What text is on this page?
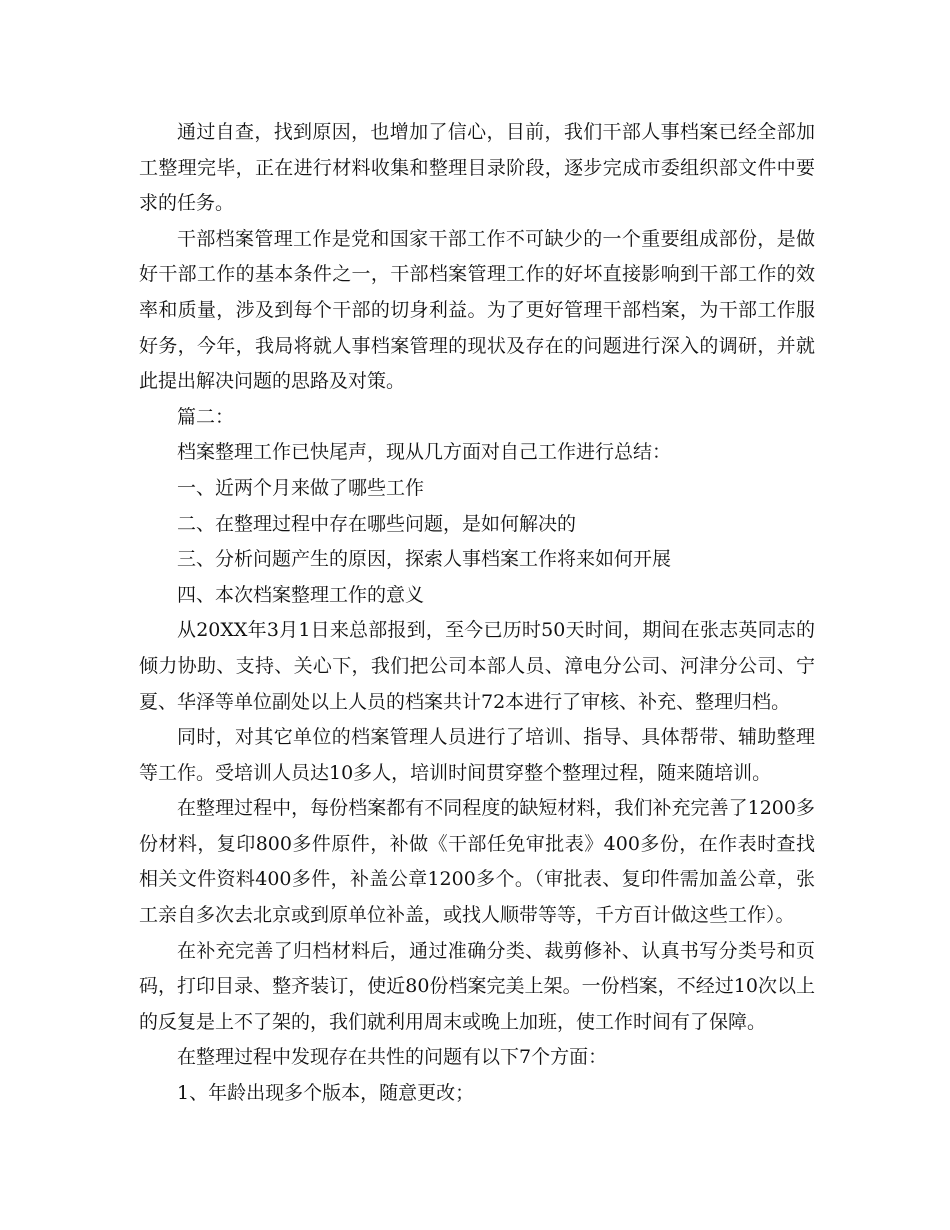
通过自查，找到原因，也增加了信心，目前，我们干部人事档案已经全部加工整理完毕，正在进行材料收集和整理目录阶段，逐步完成市委组织部文件中要求的任务。

干部档案管理工作是党和国家干部工作不可缺少的一个重要组成部份，是做好干部工作的基本条件之一，干部档案管理工作的好坏直接影响到干部工作的效率和质量，涉及到每个干部的切身利益。为了更好管理干部档案，为干部工作服好务，今年，我局将就人事档案管理的现状及存在的问题进行深入的调研，并就此提出解决问题的思路及对策。

篇二：

档案整理工作已快尾声，现从几方面对自己工作进行总结：

一、近两个月来做了哪些工作

二、在整理过程中存在哪些问题，是如何解决的

三、分析问题产生的原因，探索人事档案工作将来如何开展

四、本次档案整理工作的意义

从20XX年3月1日来总部报到，至今已历时50天时间，期间在张志英同志的倾力协助、支持、关心下，我们把公司本部人员、漳电分公司、河津分公司、宁夏、华泽等单位副处以上人员的档案共计72本进行了审核、补充、整理归档。

同时，对其它单位的档案管理人员进行了培训、指导、具体帮带、辅助整理等工作。受培训人员达10多人，培训时间贯穿整个整理过程，随来随培训。

在整理过程中，每份档案都有不同程度的缺短材料，我们补充完善了1200多份材料，复印800多件原件，补做《干部任免审批表》400多份，在作表时查找相关文件资料400多件，补盖公章1200多个。（审批表、复印件需加盖公章，张工亲自多次去北京或到原单位补盖，或找人顺带等等，千方百计做这些工作）。

在补充完善了归档材料后，通过准确分类、裁剪修补、认真书写分类号和页码，打印目录、整齐装订，使近80份档案完美上架。一份档案，不经过10次以上的反复是上不了架的，我们就利用周末或晚上加班，使工作时间有了保障。

在整理过程中发现存在共性的问题有以下7个方面：

1、年龄出现多个版本，随意更改；
